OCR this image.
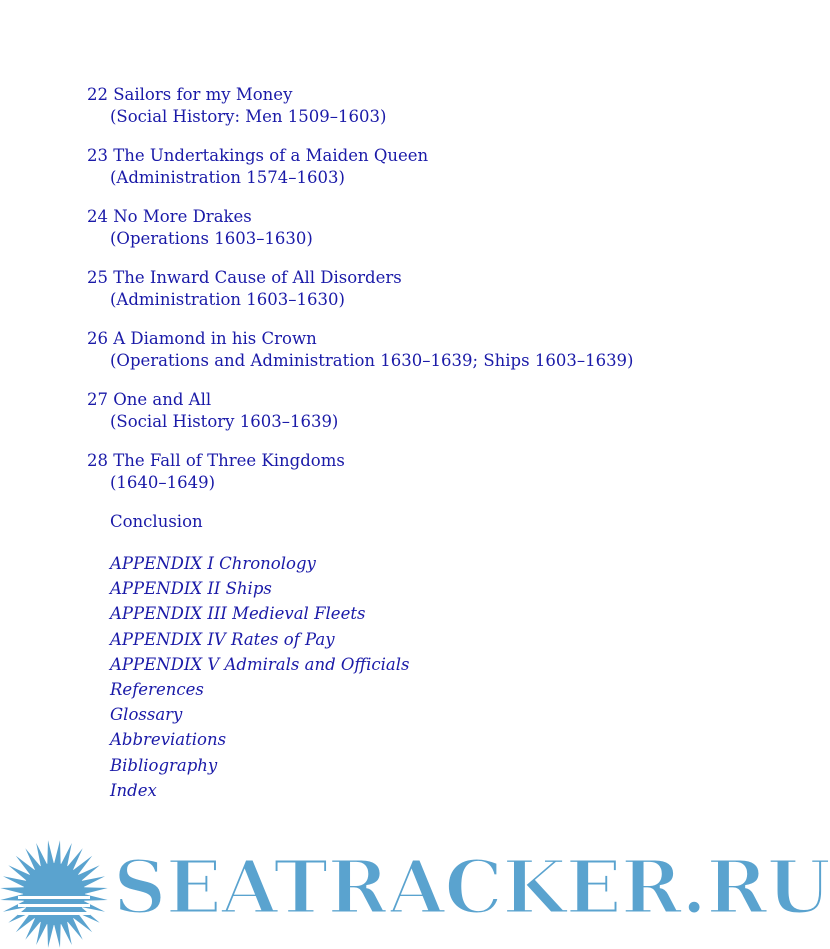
22 Sailors for my Money
(Social History: Men 1509–1603)
23 The Undertakings of a Maiden Queen
(Administration 1574–1603)
24 No More Drakes
(Operations 1603–1630)
25 The Inward Cause of All Disorders
(Administration 1603–1630)
26 A Diamond in his Crown
(Operations and Administration 1630–1639; Ships 1603–1639)
27 One and All
(Social History 1603–1639)
28 The Fall of Three Kingdoms
(1640–1649)
Conclusion
APPENDIX I Chronology
APPENDIX II Ships
APPENDIX III Medieval Fleets
APPENDIX IV Rates of Pay
APPENDIX V Admirals and Officials
References
Glossary
Abbreviations
Bibliography
Index
SEATRACKER.RU
